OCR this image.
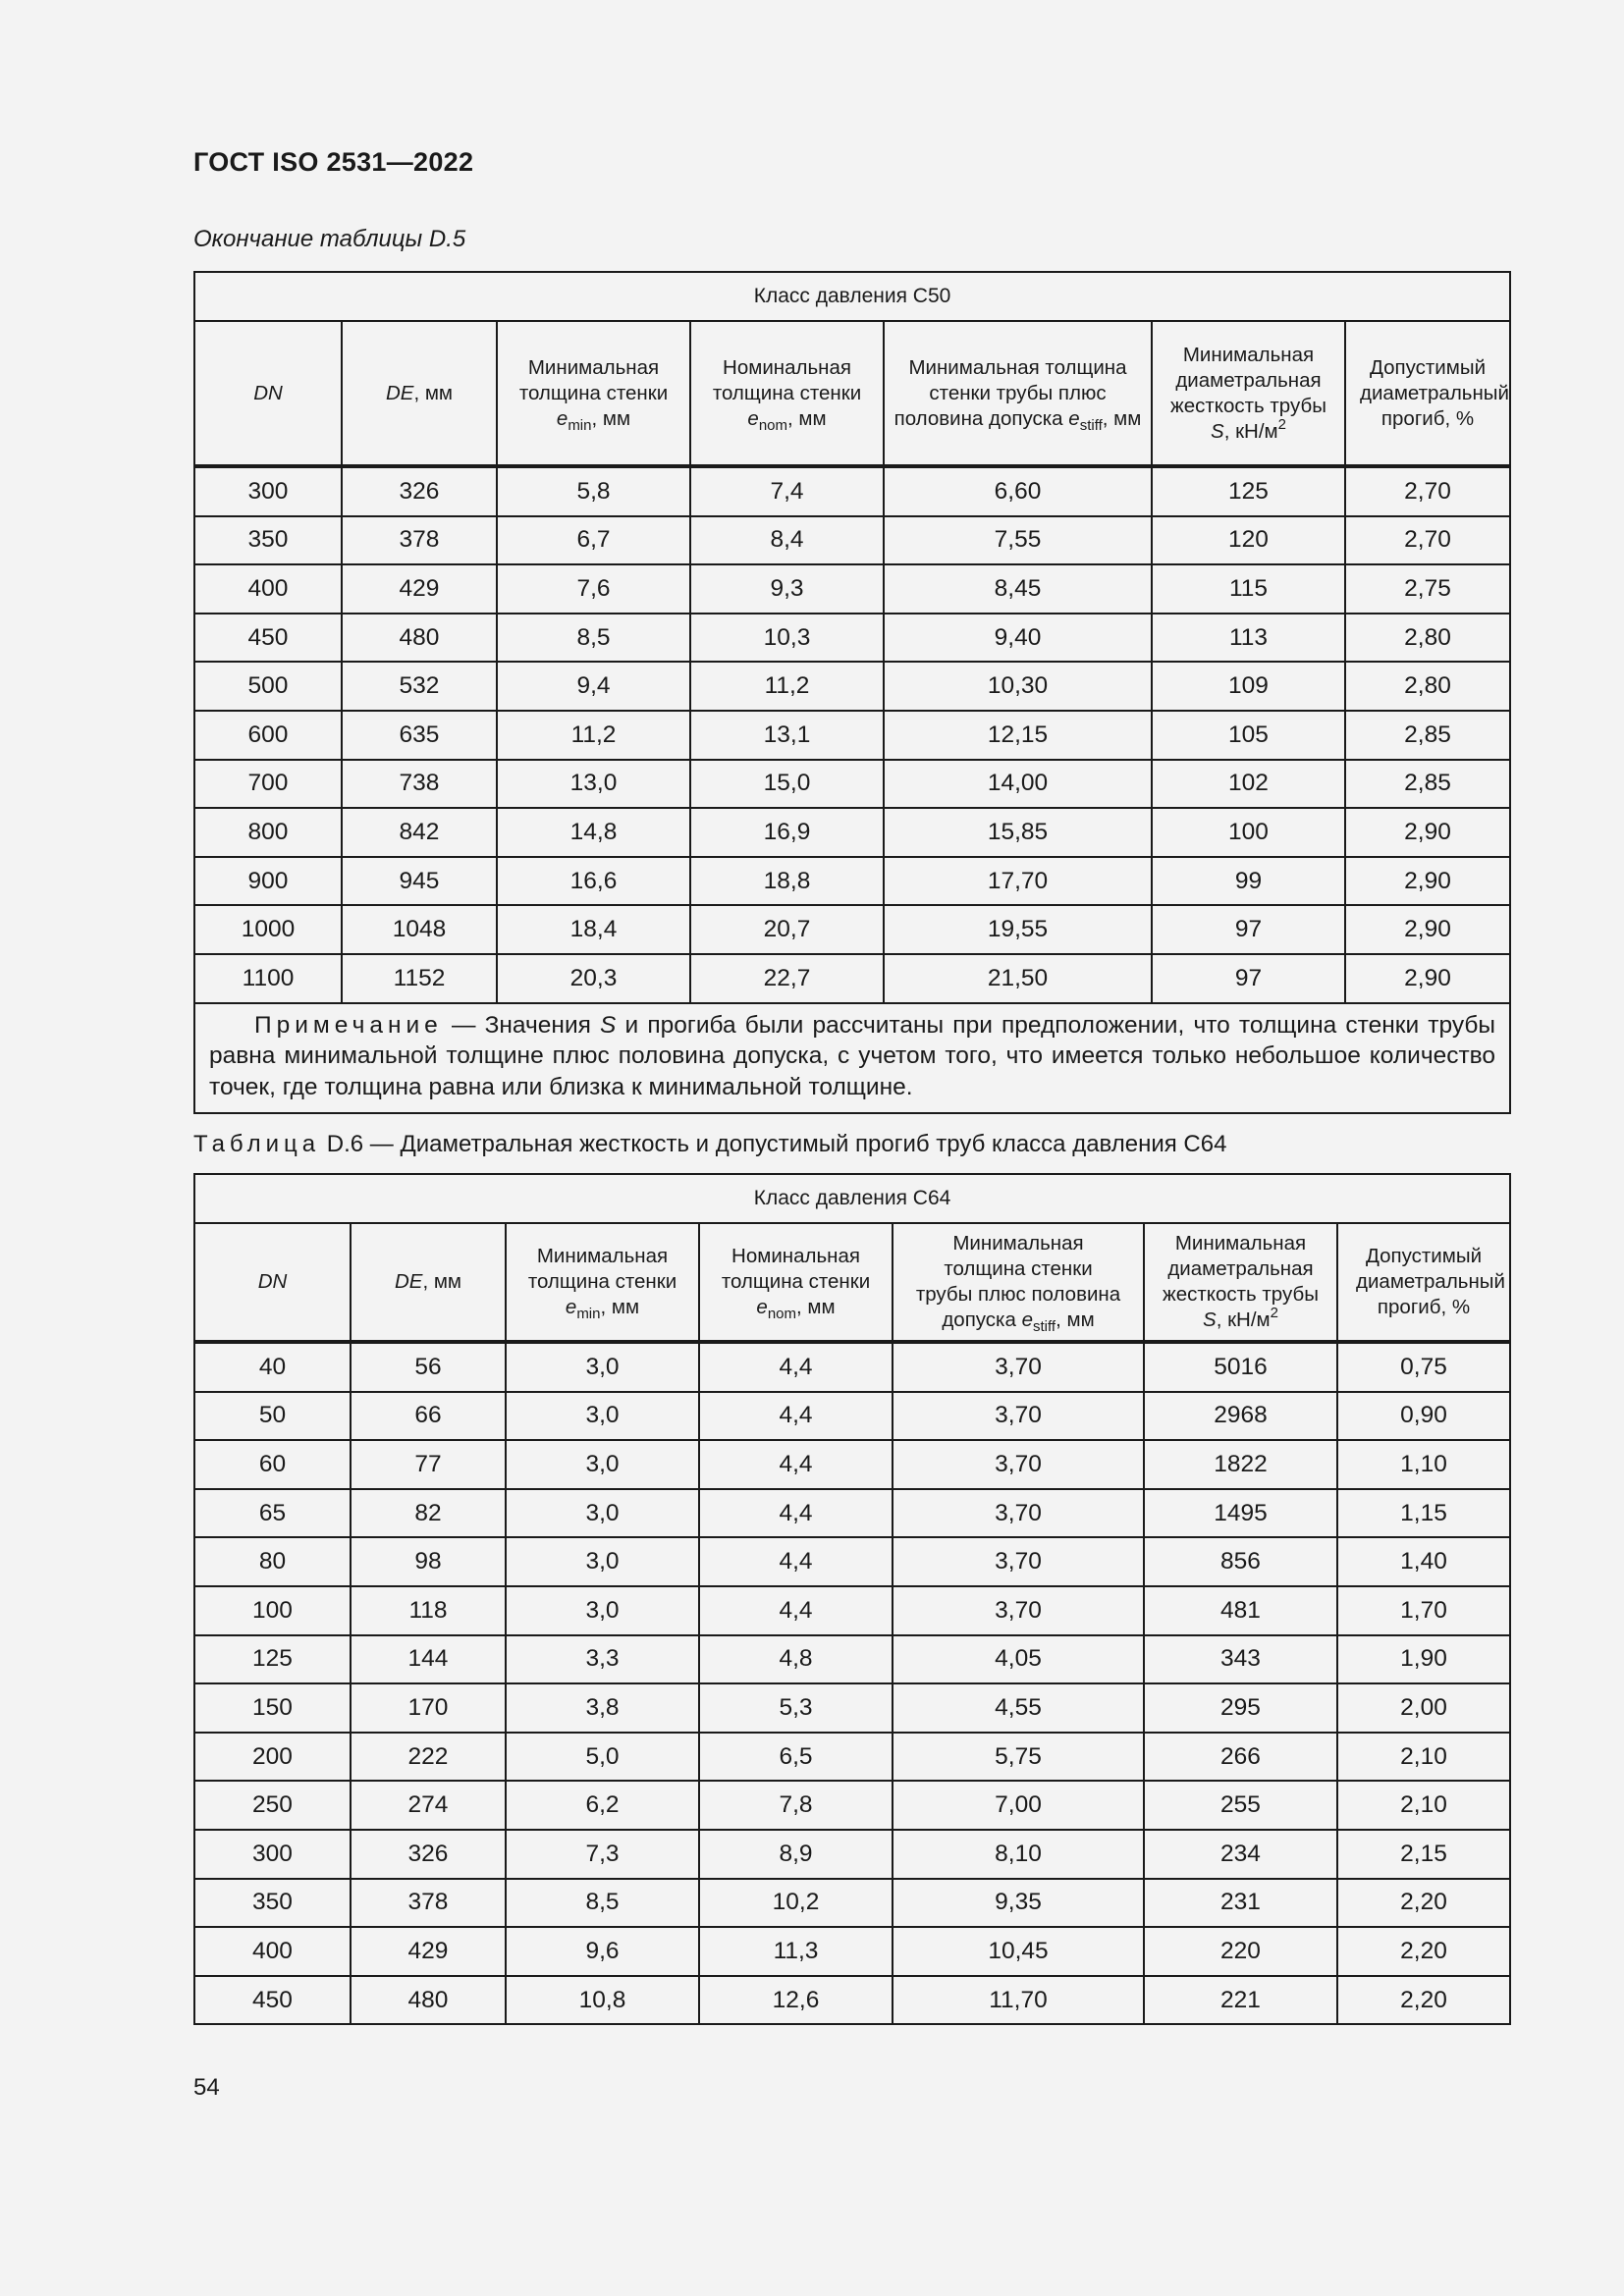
ГОСТ ISO 2531—2022
Окончание таблицы D.5
Класс давления С50						
DN	DE, мм	Минимальная толщина стенки $e_{min}$, мм	Номинальная толщина стенки $e_{nom}$, мм	Минимальная толщина стенки трубы плюс половина допуска $e_{stiff}$, мм	Минимальная диаметральная жесткость трубы S, $кН/м^2$	Допустимый диаметральный прогиб, %
300	326	5,8	7,4	6,60	125	2,70
350	378	6,7	8,4	7,55	120	2,70
400	429	7,6	9,3	8,45	115	2,75
450	480	8,5	10,3	9,40	113	2,80
500	532	9,4	11,2	10,30	109	2,80
600	635	11,2	13,1	12,15	105	2,85
700	738	13,0	15,0	14,00	102	2,85
800	842	14,8	16,9	15,85	100	2,90
900	945	16,6	18,8	17,70	99	2,90
1000	1048	18,4	20,7	19,55	97	2,90
1100	1152	20,3	22,7	21,50	97	2,90
Примечание — Значения S и прогиба были рассчитаны при предположении, что толщина стенки трубы равна минимальной толщине плюс половина допуска, с учетом того, что имеется только небольшое количество точек, где толщина равна или близка к минимальной толщине.						
Таблица D.6 — Диаметральная жесткость и допустимый прогиб труб класса давления С64
Класс давления С64						
DN	DE, мм	Минимальная толщина стенки $e_{min}$, мм	Номинальная толщина стенки $e_{nom}$, мм	Минимальная толщина стенки трубы плюс половина допуска $e_{stiff}$, мм	Минимальная диаметральная жесткость трубы S, $кН/м^2$	Допустимый диаметральный прогиб, %
40	56	3,0	4,4	3,70	5016	0,75
50	66	3,0	4,4	3,70	2968	0,90
60	77	3,0	4,4	3,70	1822	1,10
65	82	3,0	4,4	3,70	1495	1,15
80	98	3,0	4,4	3,70	856	1,40
100	118	3,0	4,4	3,70	481	1,70
125	144	3,3	4,8	4,05	343	1,90
150	170	3,8	5,3	4,55	295	2,00
200	222	5,0	6,5	5,75	266	2,10
250	274	6,2	7,8	7,00	255	2,10
300	326	7,3	8,9	8,10	234	2,15
350	378	8,5	10,2	9,35	231	2,20
400	429	9,6	11,3	10,45	220	2,20
450	480	10,8	12,6	11,70	221	2,20
54
